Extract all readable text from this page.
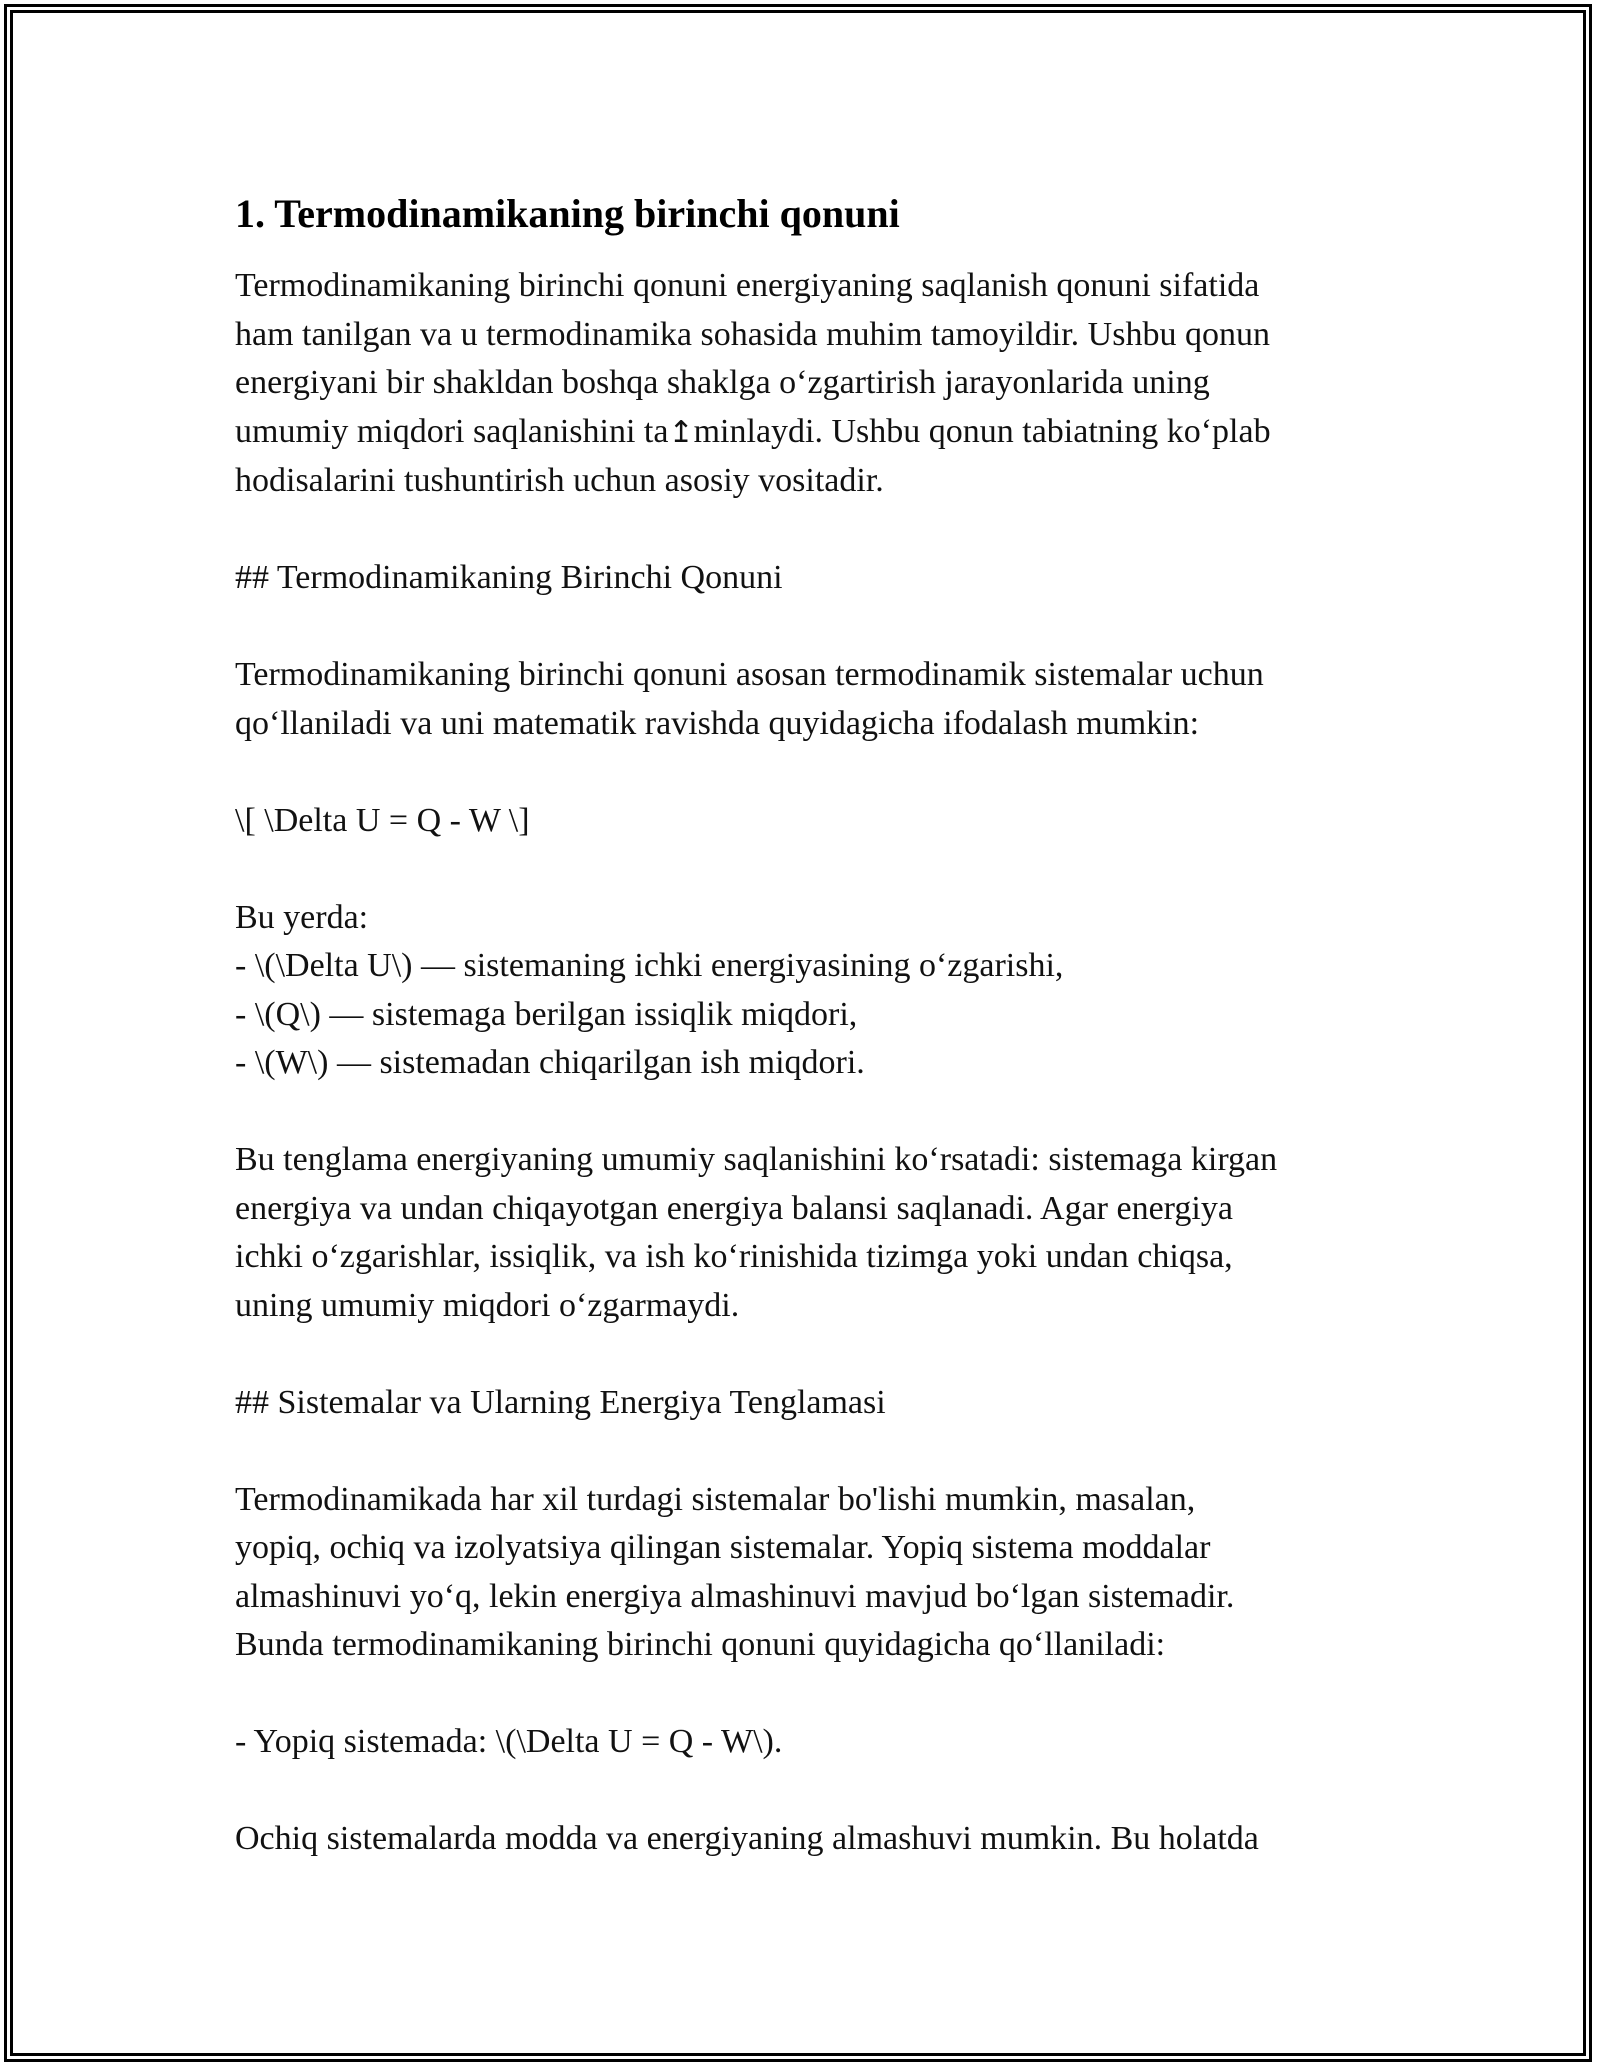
1. Termodinamikaning birinchi qonuni
Termodinamikaning birinchi qonuni energiyaning saqlanish qonuni sifatida
ham tanilgan va u termodinamika sohasida muhim tamoyildir. Ushbu qonun
energiyani bir shakldan boshqa shaklga oʻzgartirish jarayonlarida uning
umumiy miqdori saqlanishini ta↥minlaydi. Ushbu qonun tabiatning koʻplab
hodisalarini tushuntirish uchun asosiy vositadir.
## Termodinamikaning Birinchi Qonuni
Termodinamikaning birinchi qonuni asosan termodinamik sistemalar uchun
qoʻllaniladi va uni matematik ravishda quyidagicha ifodalash mumkin:
\[ \Delta U = Q - W \]
Bu yerda:
- \(\Delta U\) — sistemaning ichki energiyasining oʻzgarishi,
- \(Q\) — sistemaga berilgan issiqlik miqdori,
- \(W\) — sistemadan chiqarilgan ish miqdori.
Bu tenglama energiyaning umumiy saqlanishini koʻrsatadi: sistemaga kirgan
energiya va undan chiqayotgan energiya balansi saqlanadi. Agar energiya
ichki oʻzgarishlar, issiqlik, va ish koʻrinishida tizimga yoki undan chiqsa,
uning umumiy miqdori oʻzgarmaydi.
## Sistemalar va Ularning Energiya Tenglamasi
Termodinamikada har xil turdagi sistemalar bo'lishi mumkin, masalan,
yopiq, ochiq va izolyatsiya qilingan sistemalar. Yopiq sistema moddalar
almashinuvi yoʻq, lekin energiya almashinuvi mavjud boʻlgan sistemadir.
Bunda termodinamikaning birinchi qonuni quyidagicha qoʻllaniladi:
- Yopiq sistemada: \(\Delta U = Q - W\).
Ochiq sistemalarda modda va energiyaning almashuvi mumkin. Bu holatda
